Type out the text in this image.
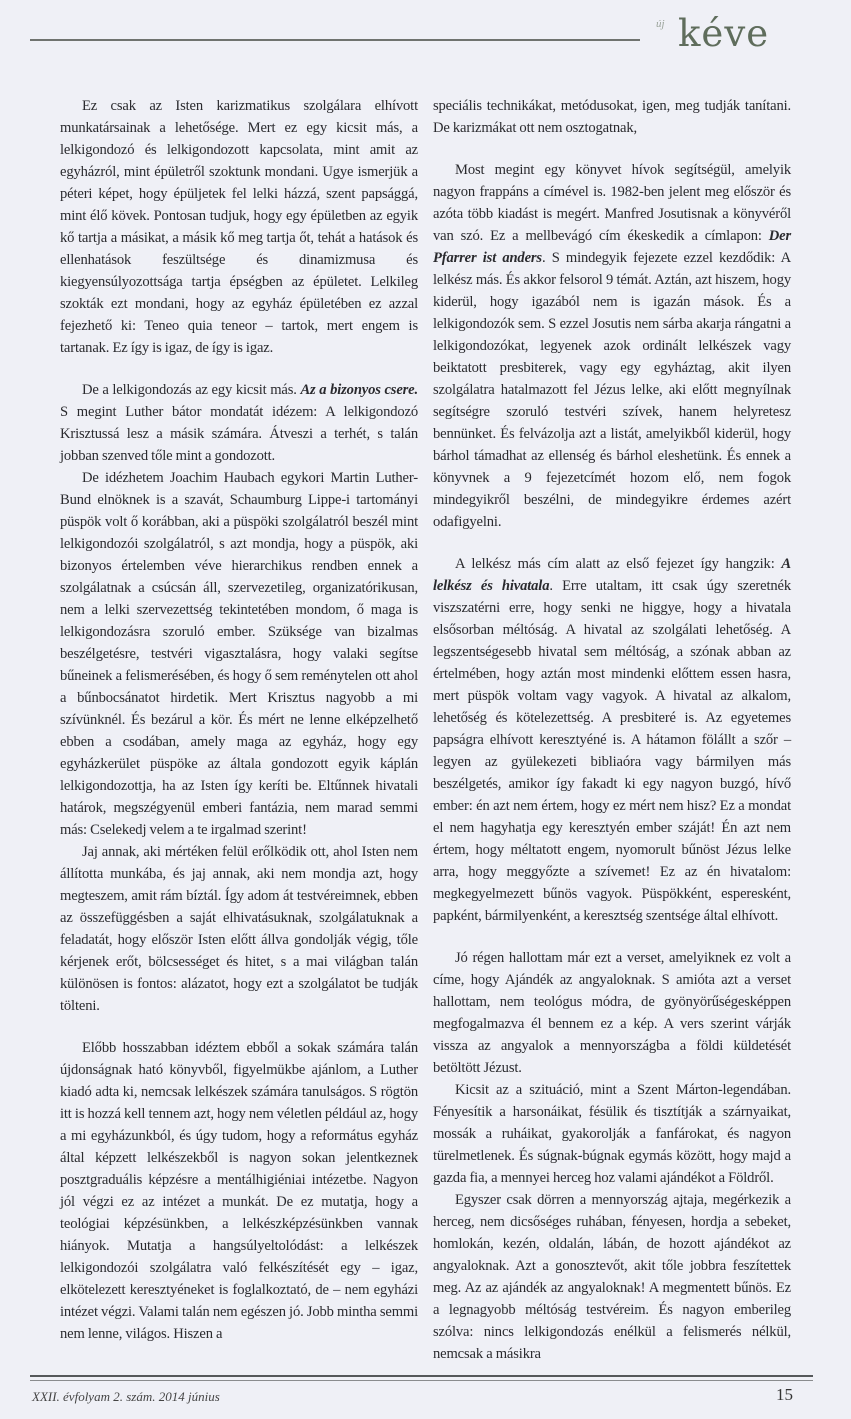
új kéve

Ez csak az Isten karizmatikus szolgálara elhívott munkatársainak a lehetősége. Mert ez egy kicsit más, a lelkigondozó és lelkigondozott kapcsolata, mint amit az egyházról, mint épületről szoktunk mondani. Ugye ismerjük a péteri képet, hogy épüljetek fel lelki házzá, szent papsággá, mint élő kövek. Pontosan tudjuk, hogy egy épületben az egyik kő tartja a másikat, a másik kő meg tartja őt, tehát a hatások és ellenhatások feszültsége és dinamizmusa és kiegyensúlyozottsága tartja épségben az épületet. Lelkileg szokták ezt mondani, hogy az egyház épületében ez azzal fejezhető ki: Teneo quia teneor – tartok, mert engem is tartanak. Ez így is igaz, de így is igaz.

De a lelkigondozás az egy kicsit más. Az a bizonyos csere. S megint Luther bátor mondatát idézem: A lelkigondozó Krisztussá lesz a másik számára. Átveszi a terhét, s talán jobban szenved tőle mint a gondozott.

De idézhetem Joachim Haubach egykori Martin Luther-Bund elnöknek is a szavát, Schaumburg Lippe-i tartományi püspök volt ő korábban, aki a püspöki szolgálatról beszél mint lelkigondozói szolgálatról, s azt mondja, hogy a püspök, aki bizonyos értelemben véve hierarchikus rendben ennek a szolgálatnak a csúcsán áll, szervezetileg, organizatórikusan, nem a lelki szervezettség tekintetében mondom, ő maga is lelkigondozásra szoruló ember. Szüksége van bizalmas beszélgetésre, testvéri vigasztalásra, hogy valaki segítse bűneinek a felismerésében, és hogy ő sem reménytelen ott ahol a bűnbocsánatot hirdetik. Mert Krisztus nagyobb a mi szívünknél. És bezárul a kör. És mért ne lenne elképzelhető ebben a csodában, amely maga az egyház, hogy egy egyházkerület püspöke az általa gondozott egyik káplán lelkigondozottja, ha az Isten így keríti be. Eltűnnek hivatali határok, megszégyenül emberi fantázia, nem marad semmi más: Cselekedj velem a te irgalmad szerint!

Jaj annak, aki mértéken felül erőlködik ott, ahol Isten nem állította munkába, és jaj annak, aki nem mondja azt, hogy megteszem, amit rám bíztál. Így adom át testvéreimnek, ebben az összefüggésben a saját elhivatásuknak, szolgálatuknak a feladatát, hogy először Isten előtt állva gondolják végig, tőle kérjenek erőt, bölcsességet és hitet, s a mai világban talán különösen is fontos: alázatot, hogy ezt a szolgálatot be tudják tölteni.

Előbb hosszabban idéztem ebből a sokak számára talán újdonságnak ható könyvből, figyelmükbe ajánlom, a Luther kiadó adta ki, nemcsak lelkészek számára tanulságos. S rögtön itt is hozzá kell tennem azt, hogy nem véletlen például az, hogy a mi egyházunkból, és úgy tudom, hogy a református egyház által képzett lelkészekből is nagyon sokan jelentkeznek posztgraduális képzésre a mentálhigiéniai intézetbe. Nagyon jól végzi ez az intézet a munkát. De ez mutatja, hogy a teológiai képzésünkben, a lelkészképzésünkben vannak hiányok. Mutatja a hangsúlyeltolódást: a lelkészek lelkigondozói szolgálatra való felkészítését egy – igaz, elkötelezett keresztyéneket is foglalkoztató, de – nem egyházi intézet végzi. Valami talán nem egészen jó. Jobb mintha semmi nem lenne, világos. Hiszen a

speciális technikákat, metódusokat, igen, meg tudják tanítani. De karizmákat ott nem osztogatnak,

Most megint egy könyvet hívok segítségül, amelyik nagyon frappáns a címével is. 1982-ben jelent meg először és azóta több kiadást is megért. Manfred Josutisnak a könyvéről van szó. Ez a mellbevágó cím ékeskedik a címlapon: Der Pfarrer ist anders. S mindegyik fejezete ezzel kezdődik: A lelkész más. És akkor felsorol 9 témát. Aztán, azt hiszem, hogy kiderül, hogy igazából nem is igazán mások. És a lelkigondozók sem. S ezzel Josutis nem sárba akarja rángatni a lelkigondozókat, legyenek azok ordinált lelkészek vagy beiktatott presbiterek, vagy egy egyháztag, akit ilyen szolgálatra hatalmazott fel Jézus lelke, aki előtt megnyílnak segítségre szoruló testvéri szívek, hanem helyretesz bennünket. És felvázolja azt a listát, amelyikből kiderül, hogy bárhol támadhat az ellenség és bárhol eleshetünk. És ennek a könyvnek a 9 fejezetcímét hozom elő, nem fogok mindegyikről beszélni, de mindegyikre érdemes azért odafigyelni.

A lelkész más cím alatt az első fejezet így hangzik: A lelkész és hivatala. Erre utaltam, itt csak úgy szeretnék viszszatérni erre, hogy senki ne higgye, hogy a hivatala elsősorban méltóság. A hivatal az szolgálati lehetőség. A legszentségesebb hivatal sem méltóság, a szónak abban az értelmében, hogy aztán most mindenki előttem essen hasra, mert püspök voltam vagy vagyok. A hivatal az alkalom, lehetőség és kötelezettség. A presbiteré is. Az egyetemes papságra elhívott keresztyéné is. A hátamon fölállt a szőr – legyen az gyülekezeti bibliaóra vagy bármilyen más beszélgetés, amikor így fakadt ki egy nagyon buzgó, hívő ember: én azt nem értem, hogy ez mért nem hisz? Ez a mondat el nem hagyhatja egy keresztyén ember száját! Én azt nem értem, hogy méltatott engem, nyomorult bűnöst Jézus lelke arra, hogy meggyőzte a szívemet! Ez az én hivatalom: megkegyelmezett bűnös vagyok. Püspökként, esperesként, papként, bármilyenként, a keresztség szentsége által elhívott.

Jó régen hallottam már ezt a verset, amelyiknek ez volt a címe, hogy Ajándék az angyaloknak. S amióta azt a verset hallottam, nem teológus módra, de gyönyörűségesképpen megfogalmazva él bennem ez a kép. A vers szerint várják vissza az angyalok a mennyországba a földi küldetését betöltött Jézust.

Kicsit az a szituáció, mint a Szent Márton-legendában. Fényesítik a harsonáikat, fésülik és tisztítják a szárnyaikat, mossák a ruháikat, gyakorolják a fanfárokat, és nagyon türelmetlenek. És súgnak-búgnak egymás között, hogy majd a gazda fia, a mennyei herceg hoz valami ajándékot a Földről.

Egyszer csak dörren a mennyország ajtaja, megérkezik a herceg, nem dicsőséges ruhában, fényesen, hordja a sebeket, homlokán, kezén, oldalán, lábán, de hozott ajándékot az angyaloknak. Azt a gonosztevőt, akit tőle jobbra feszítettek meg. Az az ajándék az angyaloknak! A megmentett bűnös. Ez a legnagyobb méltóság testvéreim. És nagyon emberileg szólva: nincs lelkigondozás enélkül a felismerés nélkül, nemcsak a másikra

XXII. évfolyam 2. szám. 2014 június	15
